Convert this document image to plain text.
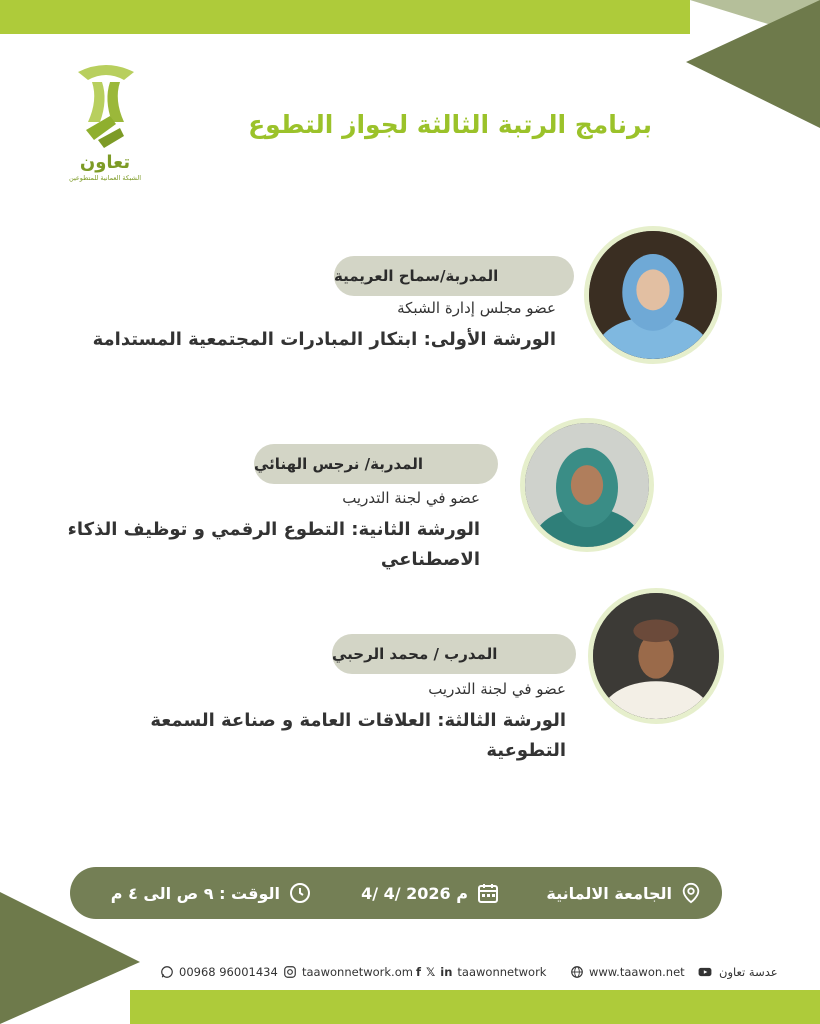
تعاون
الشبكة العمانية للمتطوعين
برنامج الرتبة الثالثة لجواز التطوع
المدربة/سماح العريمية
عضو مجلس إدارة الشبكة
الورشة الأولى: ابتكار المبادرات المجتمعية المستدامة
المدربة/ نرجس الهنائي
عضو في لجنة التدريب
الورشة الثانية: التطوع الرقمي و توظيف الذكاء الاصطناعي
المدرب / محمد الرحبي
عضو في لجنة التدريب
الورشة الثالثة: العلاقات العامة و صناعة السمعة التطوعية
الجامعة الالمانية
4/ 4/ 2026 م
الوقت : ٩ ص الى ٤ م
00968 96001434 taawonnetwork.om f 𝕏 in taawonnetwork	www.taawon.net	عدسة تعاون
